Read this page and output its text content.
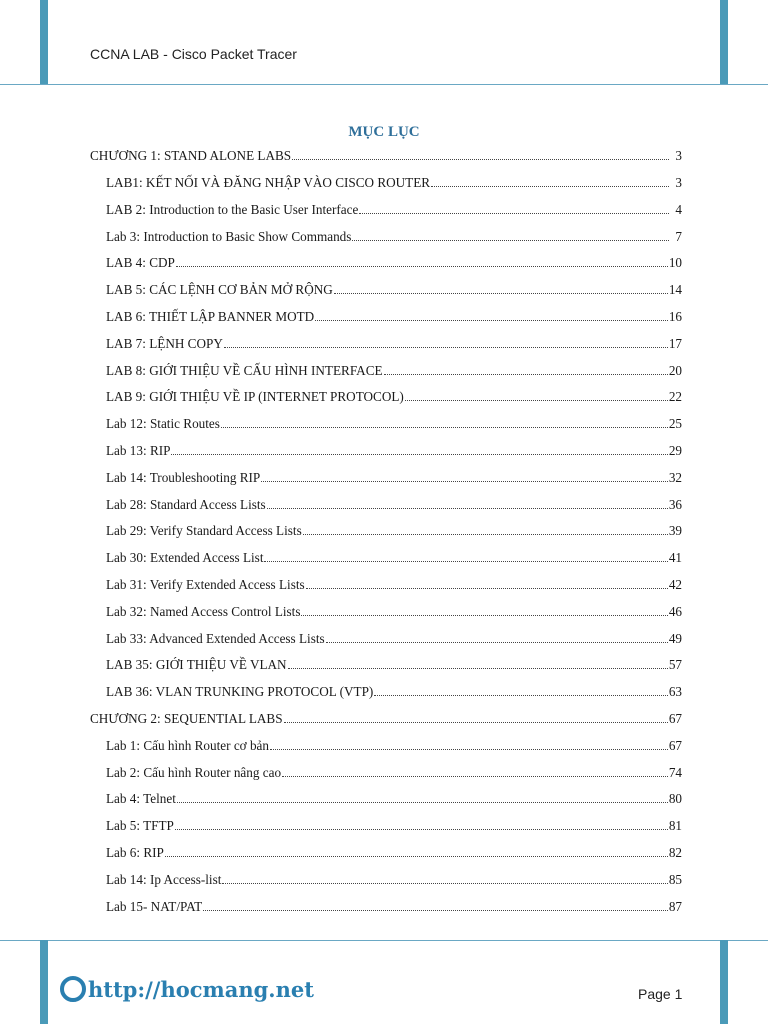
CCNA LAB - Cisco Packet Tracer
MỤC LỤC
CHƯƠNG 1: STAND ALONE LABS	3
LAB1: KẾT NỐI VÀ ĐĂNG NHẬP VÀO CISCO ROUTER	3
LAB 2: Introduction to the Basic User Interface	4
Lab 3: Introduction to Basic Show Commands	7
LAB 4: CDP	10
LAB 5: CÁC LỆNH CƠ BẢN MỞ RỘNG	14
LAB 6: THIẾT LẬP BANNER MOTD	16
LAB 7: LỆNH COPY	17
LAB 8: GIỚI THIỆU VỀ CẤU HÌNH INTERFACE	20
LAB 9: GIỚI THIỆU VỀ IP (INTERNET PROTOCOL)	22
Lab 12: Static Routes	25
Lab 13: RIP	29
Lab 14: Troubleshooting RIP	32
Lab 28: Standard Access Lists	36
Lab 29: Verify Standard Access Lists	39
Lab 30: Extended Access List	41
Lab 31: Verify Extended Access Lists	42
Lab 32: Named Access Control Lists	46
Lab 33: Advanced Extended Access Lists	49
LAB 35: GIỚI THIỆU VỀ VLAN	57
LAB 36: VLAN TRUNKING PROTOCOL (VTP)	63
CHƯƠNG 2: SEQUENTIAL LABS	67
Lab 1: Cấu hình Router cơ bản	67
Lab 2: Cấu hình Router nâng cao	74
Lab 4: Telnet	80
Lab 5: TFTP	81
Lab 6: RIP	82
Lab 14: Ip Access-list	85
Lab 15- NAT/PAT	87
http://hocmang.net	Page 1
